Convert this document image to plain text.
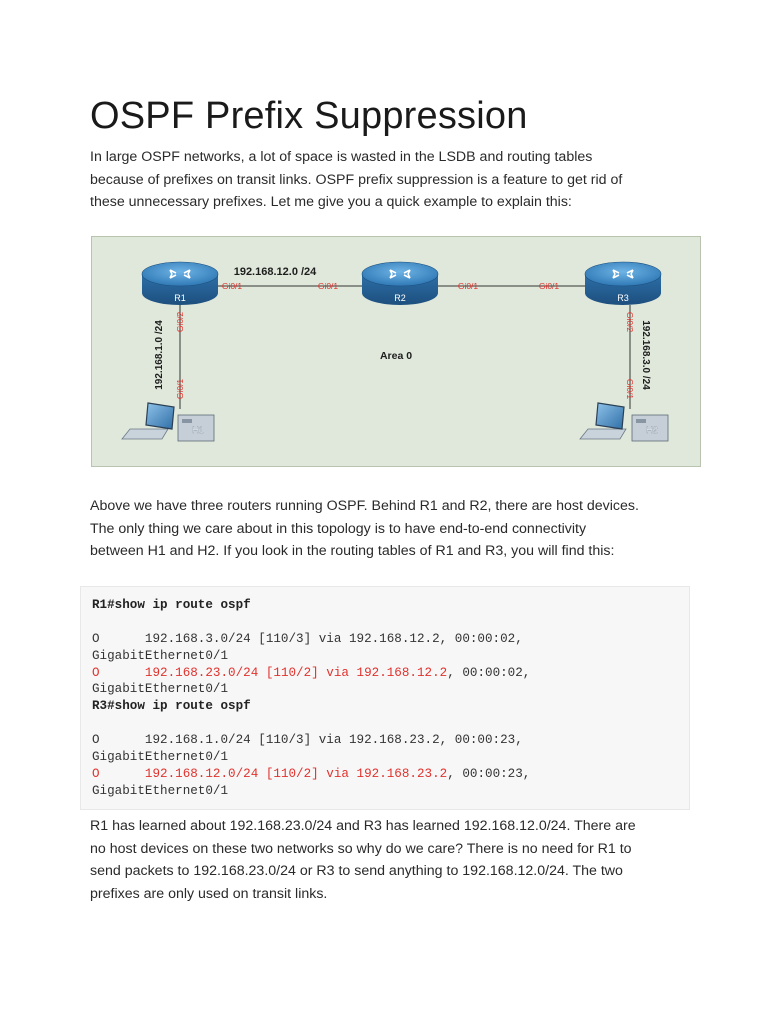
OSPF Prefix Suppression

In large OSPF networks, a lot of space is wasted in the LSDB and routing tables

because of prefixes on transit links. OSPF prefix suppression is a feature to get rid of

these unnecessary prefixes. Let me give you a quick example to explain this:

R1	R2	R3
H1	H2
192.168.12.0 /24
Area 0
192.168.1.0 /24	192.168.3.0 /24
Gi0/1	Gi0/1	Gi0/1	Gi0/1
Gi0/2
Gi0/1
Gi0/2
Gi0/1

Above we have three routers running OSPF. Behind R1 and R2, there are host devices.

The only thing we care about in this topology is to have end-to-end connectivity

between H1 and H2. If you look in the routing tables of R1 and R3, you will find this:

R1#show ip route ospf
O      192.168.3.0/24 [110/3] via 192.168.12.2, 00:00:02,
GigabitEthernet0/1
O      192.168.23.0/24 [110/2] via 192.168.12.2, 00:00:02,
GigabitEthernet0/1
R3#show ip route ospf
O      192.168.1.0/24 [110/3] via 192.168.23.2, 00:00:23,
GigabitEthernet0/1
O      192.168.12.0/24 [110/2] via 192.168.23.2, 00:00:23,
GigabitEthernet0/1

R1 has learned about 192.168.23.0/24 and R3 has learned 192.168.12.0/24. There are

no host devices on these two networks so why do we care? There is no need for R1 to

send packets to 192.168.23.0/24 or R3 to send anything to 192.168.12.0/24. The two

prefixes are only used on transit links.
